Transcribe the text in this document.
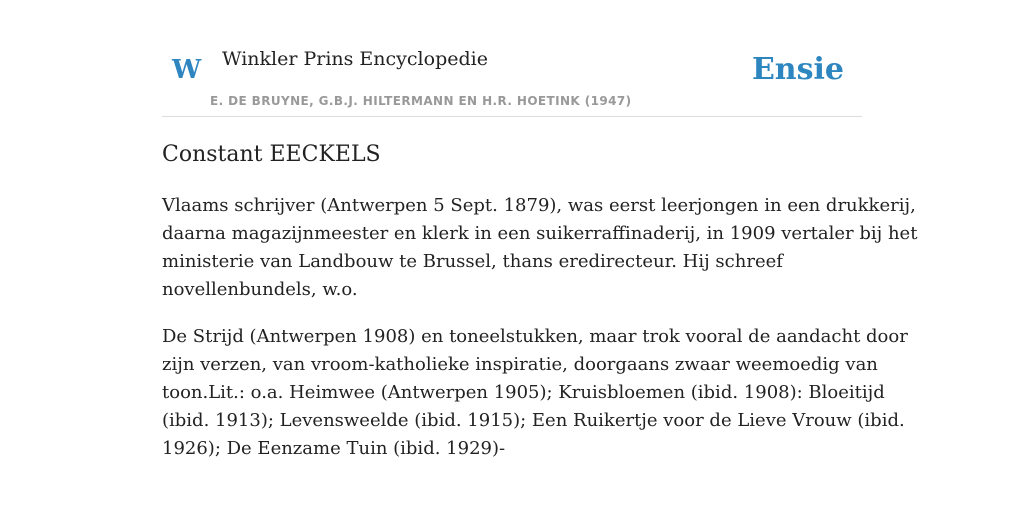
W Winkler Prins Encyclopedie
E. DE BRUYNE, G.B.J. HILTERMANN EN H.R. HOETINK (1947)
Ensie
Constant EECKELS
Vlaams schrijver (Antwerpen 5 Sept. 1879), was eerst leerjongen in een drukkerij,
daarna magazijnmeester en klerk in een suikerraffinaderij, in 1909 vertaler bij het
ministerie van Landbouw te Brussel, thans eredirecteur. Hij schreef
novellenbundels, w.o.
De Strijd (Antwerpen 1908) en toneelstukken, maar trok vooral de aandacht door
zijn verzen, van vroom-katholieke inspiratie, doorgaans zwaar weemoedig van
toon.Lit.: o.a. Heimwee (Antwerpen 1905); Kruisbloemen (ibid. 1908): Bloeitijd
(ibid. 1913); Levensweelde (ibid. 1915); Een Ruikertje voor de Lieve Vrouw (ibid.
1926); De Eenzame Tuin (ibid. 1929)-
